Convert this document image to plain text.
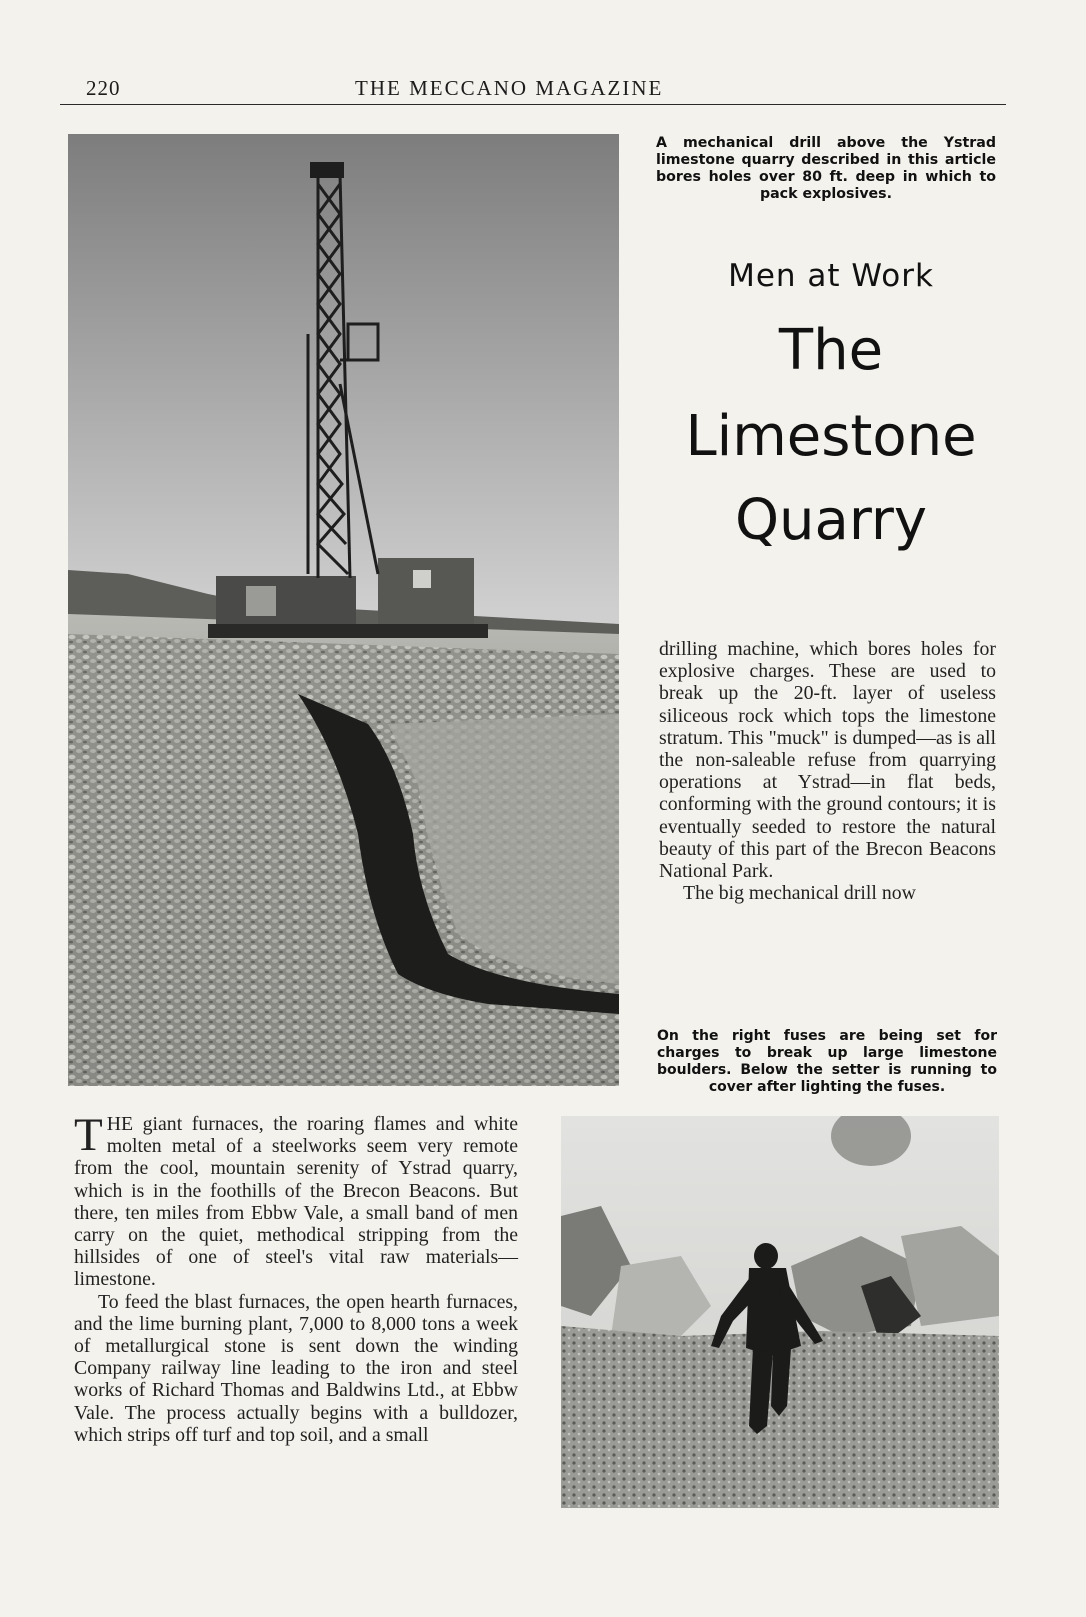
220	THE MECCANO MAGAZINE
A mechanical drill above the Ystrad limestone quarry described in this article bores holes over 80 ft. deep in which to pack explosives.
Men at Work
The
Limestone
Quarry

drilling machine, which bores holes for explosive charges. These are used to break up the 20-ft. layer of useless siliceous rock which tops the limestone stratum. This "muck" is dumped—as is all the non-saleable refuse from quarrying operations at Ystrad—in flat beds, conforming with the ground contours; it is eventually seeded to restore the natural beauty of this part of the Brecon Beacons National Park.

The big mechanical drill now

On the right fuses are being set for charges to break up large limestone boulders. Below the setter is running to cover after lighting the fuses.

THE giant furnaces, the roaring flames and white molten metal of a steelworks seem very remote from the cool, mountain serenity of Ystrad quarry, which is in the foothills of the Brecon Beacons. But there, ten miles from Ebbw Vale, a small band of men carry on the quiet, methodical stripping from the hillsides of one of steel's vital raw materials—limestone.

To feed the blast furnaces, the open hearth furnaces, and the lime burning plant, 7,000 to 8,000 tons a week of metallurgical stone is sent down the winding Company railway line leading to the iron and steel works of Richard Thomas and Baldwins Ltd., at Ebbw Vale. The process actually begins with a bulldozer, which strips off turf and top soil, and a small
